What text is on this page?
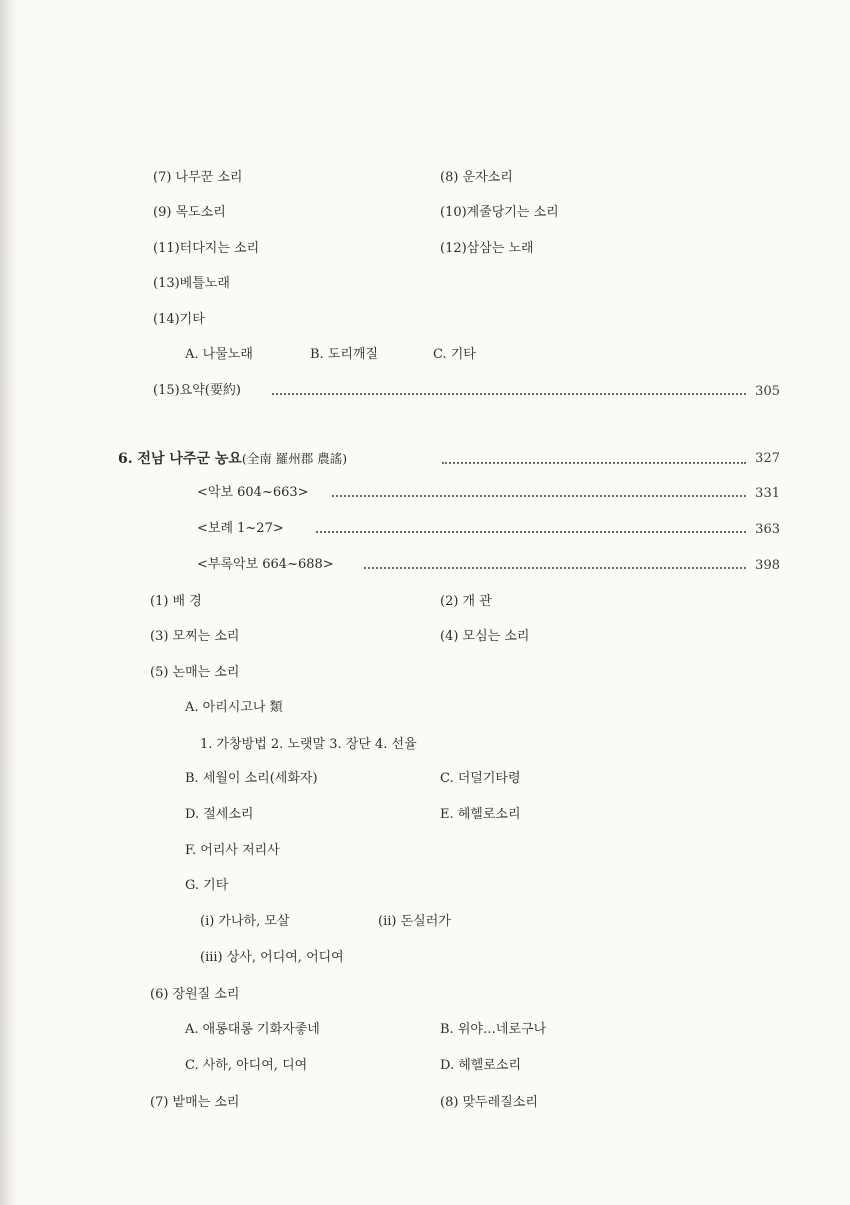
(7) 나무꾼 소리	(8) 운자소리
(9) 목도소리	(10)계줄당기는 소리
(11)터다지는 소리	(12)삼삼는 노래
(13)베틀노래
(14)기타
A. 나물노래	B. 도리깨질	C. 기타
(15)요약(要約)	305
6. 전남 나주군 농요(全南 羅州郡 農謠)	327
<악보 604~663>	331
<보례 1~27>	363
<부록악보 664~688>	398
(1) 배 경	(2) 개 관
(3) 모찌는 소리	(4) 모심는 소리
(5) 논매는 소리
A. 아리시고나 類
1. 가창방법 2. 노랫말 3. 장단 4. 선율
B. 세월이 소리(세화자)	C. 더덜기타령
D. 절세소리	E. 헤헬로소리
F. 어리사 저리사
G. 기타
(i) 가나하, 모살	(ii) 돈실러가
(iii) 상사, 어디여, 어디여
(6) 장원질 소리
A. 애롱대롱 기화자좋네	B. 위야…네로구나
C. 사하, 아디여, 디여	D. 헤헬로소리
(7) 밭매는 소리	(8) 맞두레질소리
